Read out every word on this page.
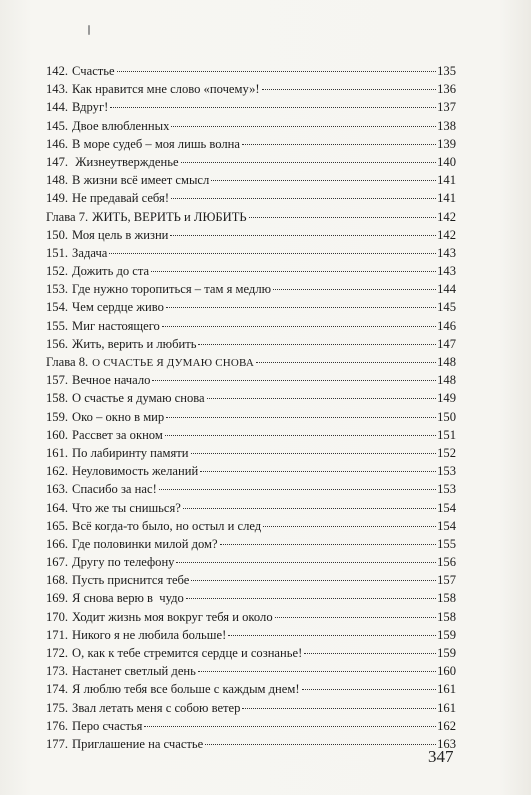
142. Счастье	135
143. Как нравится мне слово «почему»!	136
144. Вдруг!	137
145. Двое влюбленных	138
146. В море судеб – моя лишь волна	139
147. Жизнеутвержденье	140
148. В жизни всё имеет смысл	141
149. Не предавай себя!	141
Глава 7. ЖИТЬ, ВЕРИТЬ и ЛЮБИТЬ	142
150. Моя цель в жизни	142
151. Задача	143
152. Дожить до ста	143
153. Где нужно торопиться – там я медлю	144
154. Чем сердце живо	145
155. Миг настоящего	146
156. Жить, верить и любить	147
Глава 8. О СЧАСТЬЕ Я ДУМАЮ СНОВА	148
157. Вечное начало	148
158. О счастье я думаю снова	149
159. Око – окно в мир	150
160. Рассвет за окном	151
161. По лабиринту памяти	152
162. Неуловимость желаний	153
163. Спасибо за нас!	153
164. Что же ты снишься?	154
165. Всё когда-то было, но остыл и след	154
166. Где половинки милой дом?	155
167. Другу по телефону	156
168. Пусть приснится тебе	157
169. Я снова верю в  чудо	158
170. Ходит жизнь моя вокруг тебя и около	158
171. Никого я не любила больше!	159
172. О, как к тебе стремится сердце и сознанье!	159
173. Настанет светлый день	160
174. Я люблю тебя все больше с каждым днем!	161
175. Звал летать меня с собою ветер	161
176. Перо счастья	162
177. Приглашение на счастье	163
347
